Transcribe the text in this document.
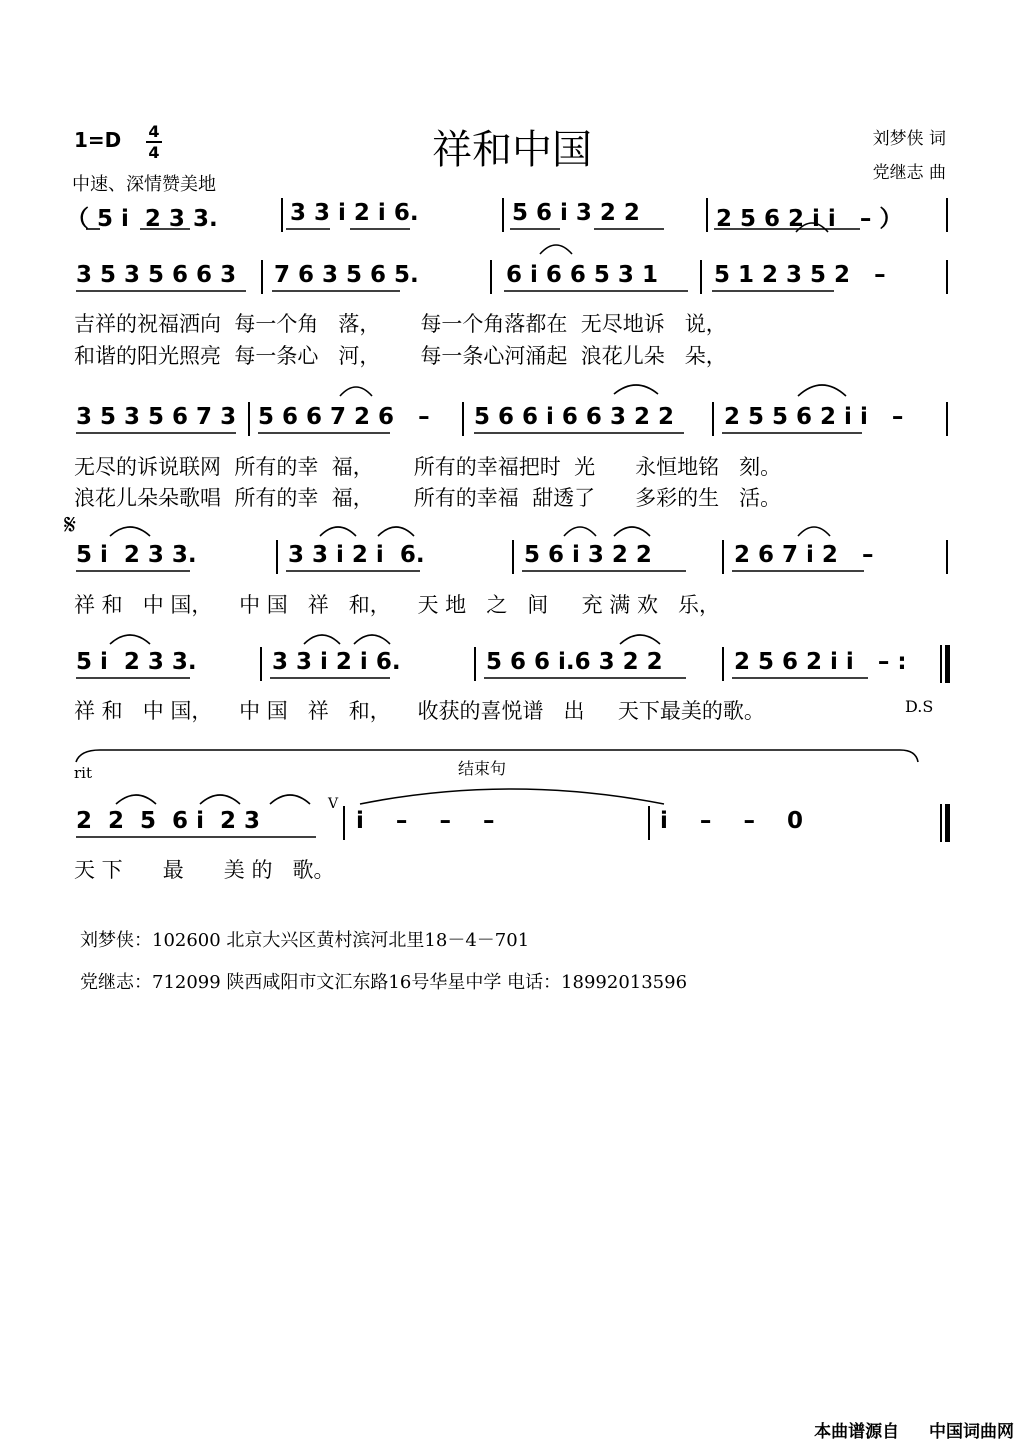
1=D 4
4
中速、深情赞美地
祥和中国	刘梦侠 词
党继志 曲
（ 5 i  2 3 3.	3 3 i 2 i 6.	5 6 i 3 2 2	2 5 6 2 i i   – ）
3 5 3 5 6 6 3 7 6 3 5 6 5.	6 i 6 6 5 3 1 5 1 2 3 5 2   –
吉祥的祝福洒向  每一个角   落，      每一个角落都在  无尽地诉   说，
和谐的阳光照亮  每一条心   河，      每一条心河涌起  浪花儿朵   朵，
3 5 3 5 6 7 3 5 6 6 7 2 6   – 5 6 6 i 6 6 3 2 2 2 5 5 6 2 i i   –
无尽的诉说联网  所有的幸  福，      所有的幸福把时  光      永恒地铭   刻。
浪花儿朵朵歌唱  所有的幸  福，      所有的幸福  甜透了      多彩的生   活。
𝄋
5 i  2 3 3.	3 3 i 2 i  6.	5 6 i 3 2 2	2 6 7 i 2   –
祥 和   中 国，    中 国   祥   和，    天 地   之   间     充 满 欢   乐，
5 i  2 3 3.	3 3 i 2 i 6.	5 6 6 i.6 3 2 2	2 5 6 2 i i   – :
祥 和   中 国，    中 国   祥   和，    收获的喜悦谱   出     天下最美的歌。	D.S
rit	结束句
2  2  5  6 i  2 3
V
i    –    –    –	i    –    –    0
天 下      最      美 的   歌。
刘梦侠：102600 北京大兴区黄村滨河北里18－4－701
党继志：712099 陕西咸阳市文汇东路16号华星中学 电话：18992013596
本曲谱源自 中国词曲网
